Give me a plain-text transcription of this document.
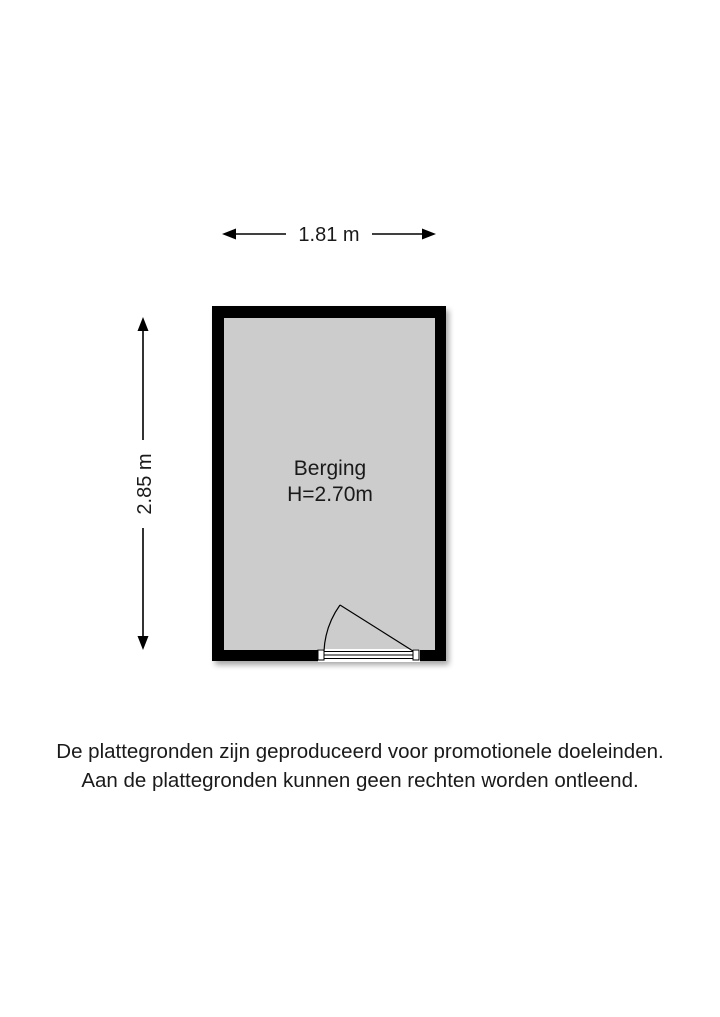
1.81 m
2.85 m	Berging
H=2.70m
De plattegronden zijn geproduceerd voor promotionele doeleinden.
Aan de plattegronden kunnen geen rechten worden ontleend.
